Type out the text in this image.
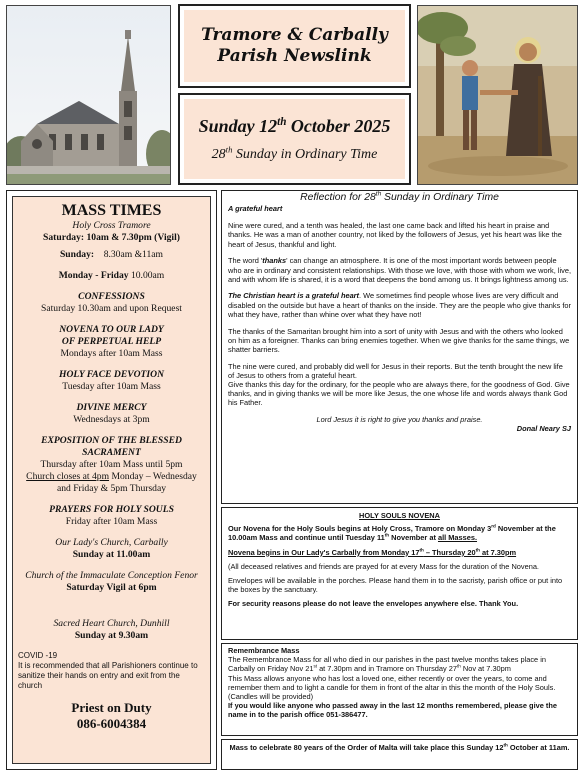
Tramore & Carbally
Parish Newslink
Sunday 12th October 2025
28th Sunday in Ordinary Time
MASS TIMES
Holy Cross Tramore
Saturday: 10am & 7.30pm (Vigil)
Sunday: 8.30am &11am
Monday - Friday 10.00am
CONFESSIONS
Saturday 10.30am and upon Request
NOVENA TO OUR LADY
OF PERPETUAL HELP
Mondays after 10am Mass
HOLY FACE DEVOTION
Tuesday after 10am Mass
DIVINE MERCY
Wednesdays at 3pm
EXPOSITION OF THE BLESSED
SACRAMENT
Thursday after 10am Mass until 5pm
Church closes at 4pm Monday – Wednesday
and Friday & 5pm Thursday
PRAYERS FOR HOLY SOULS
Friday after 10am Mass
Our Lady's Church, Carbally
Sunday at 11.00am
Church of the Immaculate Conception Fenor
Saturday Vigil at 6pm
Sacred Heart Church, Dunhill
Sunday at 9.30am
COVID -19
It is recommended that all Parishioners continue to sanitize their hands on entry and exit from the church
Priest on Duty
086-6004384
Reflection for 28th Sunday in Ordinary Time
A grateful heart

Nine were cured, and a tenth was healed, the last one came back and lifted his heart in praise and thanks. He was a man of another country, not liked by the followers of Jesus, yet his heart was like the heart of Jesus, thankful and light.

The word 'thanks' can change an atmosphere. It is one of the most important words between people who are in ordinary and consistent relationships. With those we love, with those with whom we work, live, and with whom life is shared, it is a word that deepens the bond among us. It brings lightness among us.

The Christian heart is a grateful heart. We sometimes find people whose lives are very difficult and disabled on the outside but have a heart of thanks on the inside. They are the people who give thanks for what they have, rather than whine over what they have not!

The thanks of the Samaritan brought him into a sort of unity with Jesus and with the others who looked on him as a foreigner. Thanks can bring enemies together. When we give thanks for the same things, we shatter barriers.

The nine were cured, and probably did well for Jesus in their reports. But the tenth brought the new life of Jesus to others from a grateful heart.

Give thanks this day for the ordinary, for the people who are always there, for the goodness of God. Give thanks, and in giving thanks we will be more like Jesus, the one whose life and words always thank God his Father.

Lord Jesus it is right to give you thanks and praise.
Donal Neary SJ
HOLY SOULS NOVENA

Our Novena for the Holy Souls begins at Holy Cross, Tramore on Monday 3rd November at the 10.00am Mass and continue until Tuesday 11th November at all Masses.

Novena begins in Our Lady's Carbally from Monday 17th – Thursday 20th at 7.30pm

(All deceased relatives and friends are prayed for at every Mass for the duration of the Novena.

Envelopes will be available in the porches. Please hand them in to the sacristy, parish office or put into the boxes by the sanctuary.

For security reasons please do not leave the envelopes anywhere else. Thank You.

Remembrance Mass
The Remembrance Mass for all who died in our parishes in the past twelve months takes place in Carbally on Friday Nov 21st at 7.30pm and in Tramore on Thursday 27th Nov at 7.30pm
This Mass allows anyone who has lost a loved one, either recently or over the years, to come and remember them and to light a candle for them in front of the altar in this the month of the Holy Souls. (Candles will be provided)
If you would like anyone who passed away in the last 12 months remembered, please give the name in to the parish office 051-386477.
Mass to celebrate 80 years of the Order of Malta will take place this Sunday 12th October at 11am.
